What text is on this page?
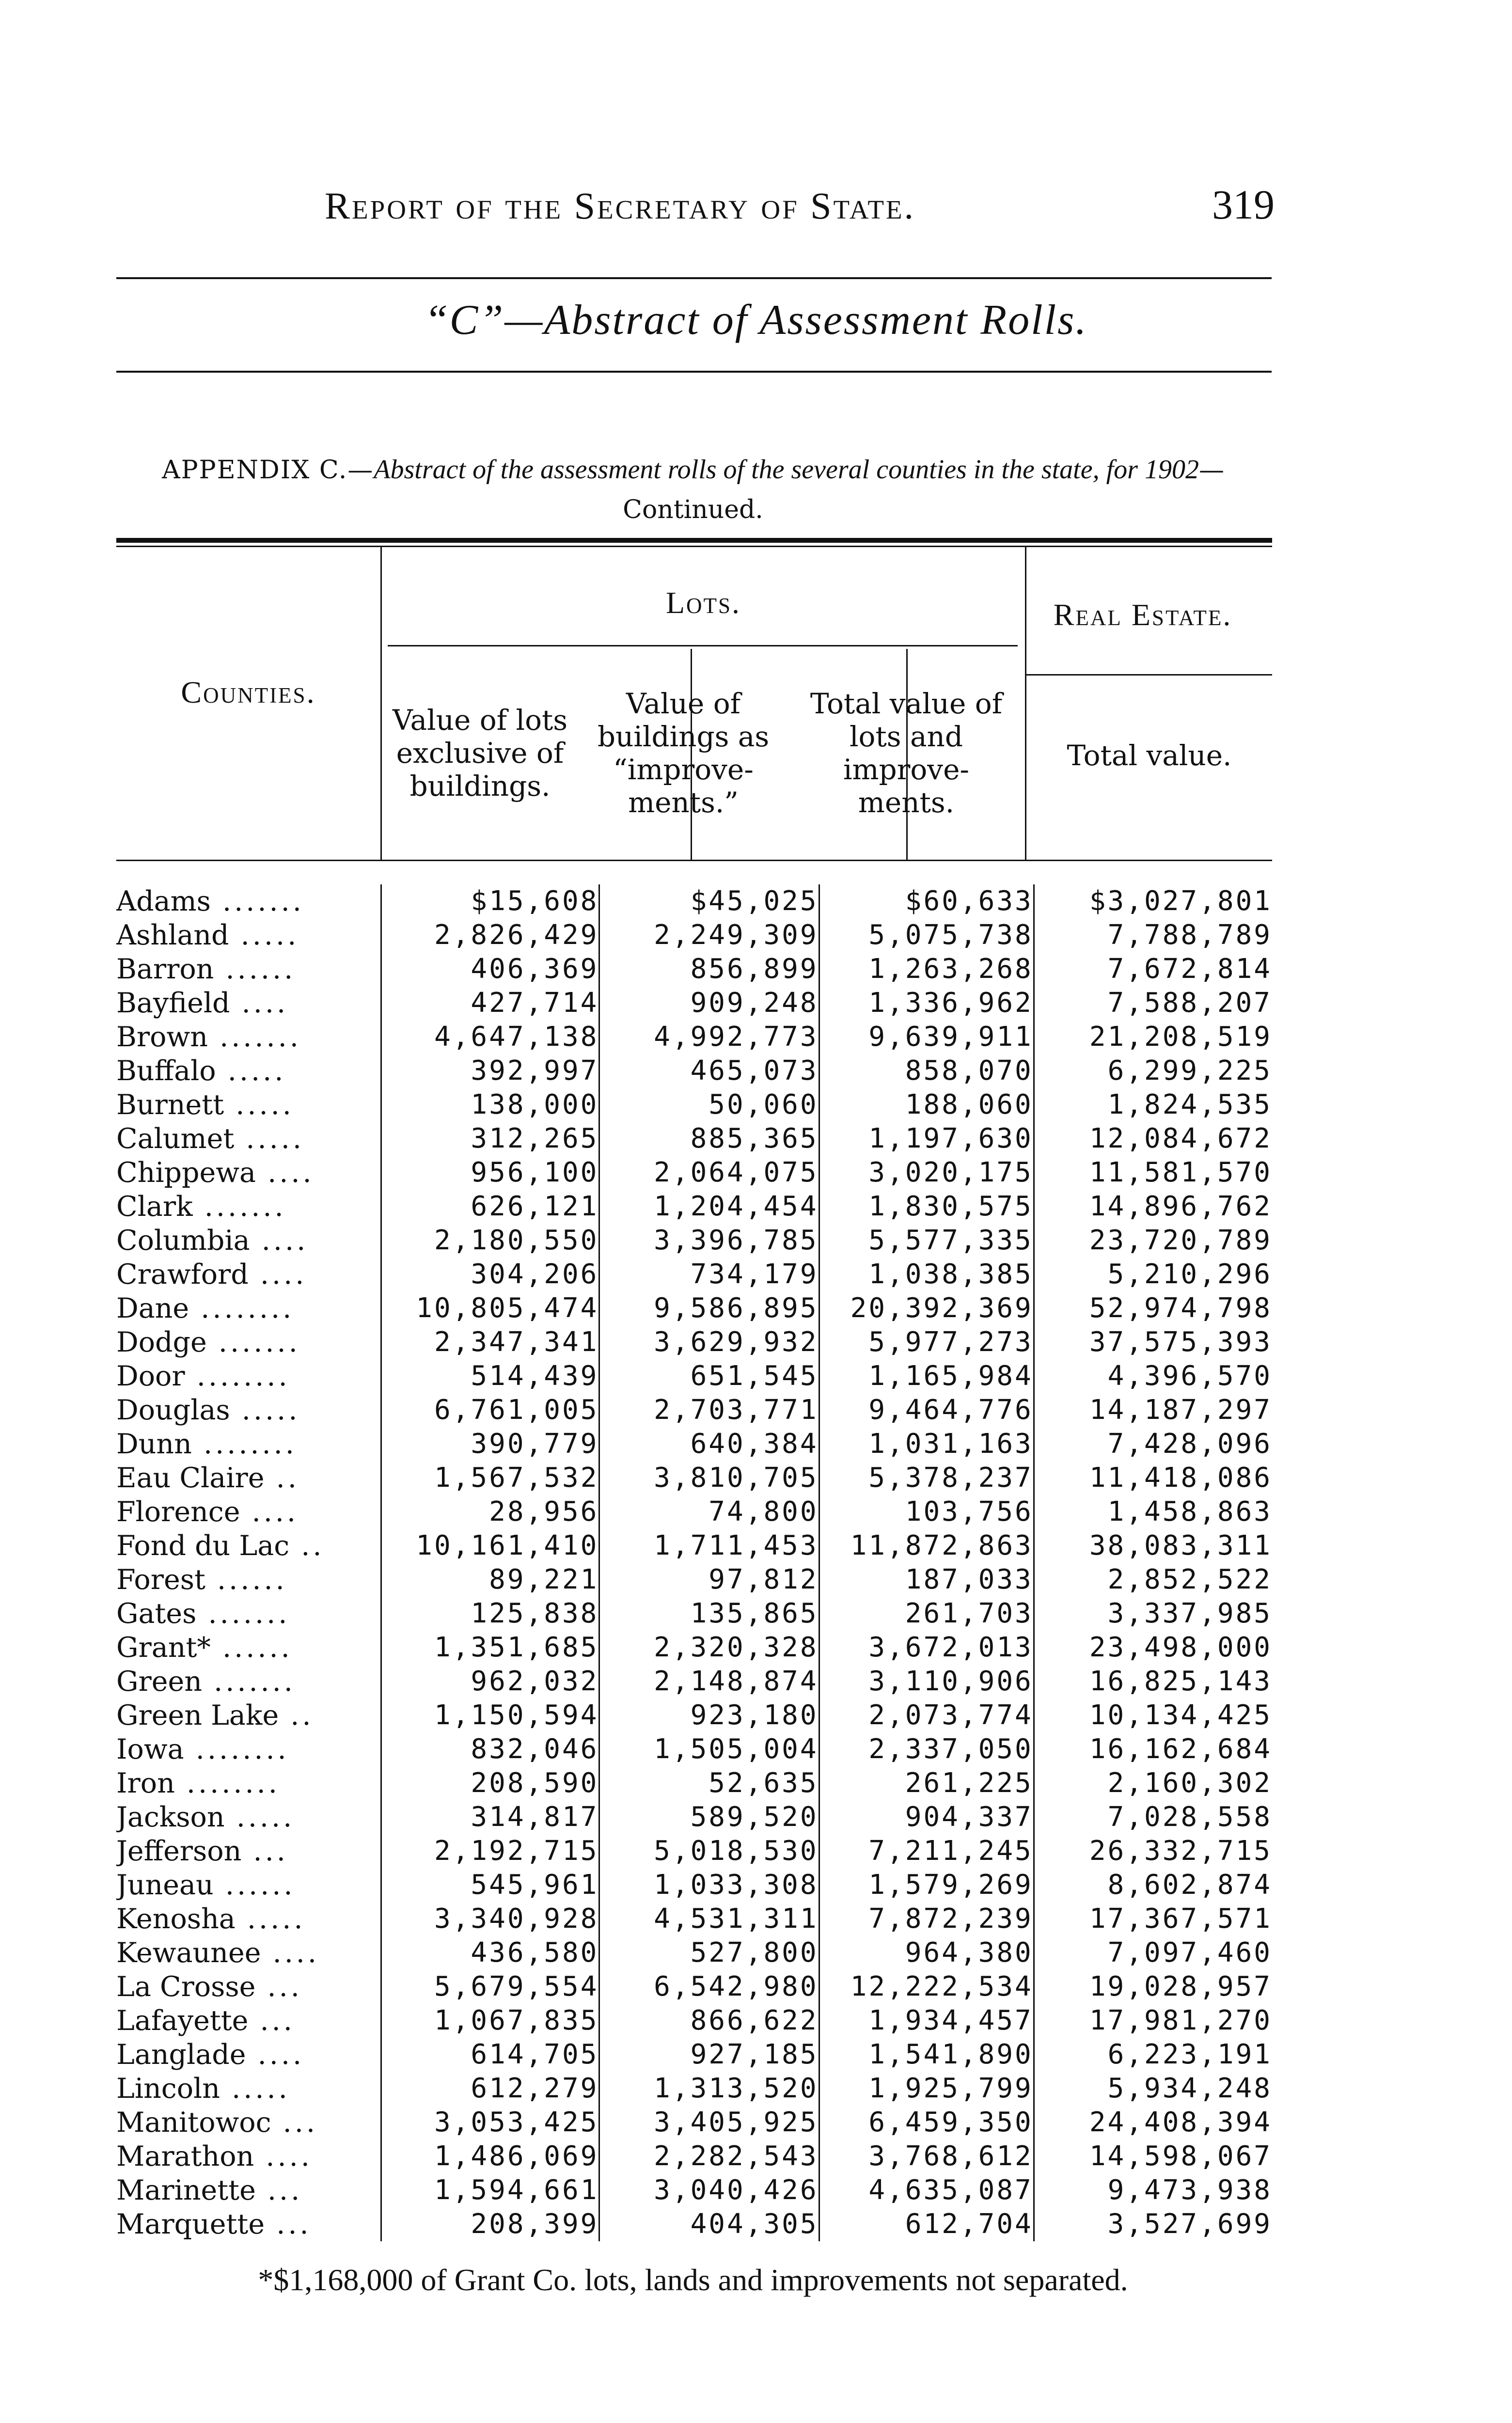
Report of the Secretary of State.	319
“C”—Abstract of Assessment Rolls.
APPENDIX C.—Abstract of the assessment rolls of the several counties in the state, for 1902—Continued.
Counties.
Lots.	Real Estate.
Value of lots exclusive of buildings.
Value of buildings as “improve-ments.”
Total value of lots and improve-ments.
Total value.
Adams .......	$15,608	$45,025	$60,633	$3,027,801
Ashland .....	2,826,429	2,249,309	5,075,738	7,788,789
Barron ......	406,369	856,899	1,263,268	7,672,814
Bayfield ....	427,714	909,248	1,336,962	7,588,207
Brown .......	4,647,138	4,992,773	9,639,911	21,208,519
Buffalo .....	392,997	465,073	858,070	6,299,225
Burnett .....	138,000	50,060	188,060	1,824,535
Calumet .....	312,265	885,365	1,197,630	12,084,672
Chippewa ....	956,100	2,064,075	3,020,175	11,581,570
Clark .......	626,121	1,204,454	1,830,575	14,896,762
Columbia ....	2,180,550	3,396,785	5,577,335	23,720,789
Crawford ....	304,206	734,179	1,038,385	5,210,296
Dane ........	10,805,474	9,586,895	20,392,369	52,974,798
Dodge .......	2,347,341	3,629,932	5,977,273	37,575,393
Door ........	514,439	651,545	1,165,984	4,396,570
Douglas .....	6,761,005	2,703,771	9,464,776	14,187,297
Dunn ........	390,779	640,384	1,031,163	7,428,096
Eau Claire ..	1,567,532	3,810,705	5,378,237	11,418,086
Florence ....	28,956	74,800	103,756	1,458,863
Fond du Lac ..	10,161,410	1,711,453	11,872,863	38,083,311
Forest ......	89,221	97,812	187,033	2,852,522
Gates .......	125,838	135,865	261,703	3,337,985
Grant* ......	1,351,685	2,320,328	3,672,013	23,498,000
Green .......	962,032	2,148,874	3,110,906	16,825,143
Green Lake ..	1,150,594	923,180	2,073,774	10,134,425
Iowa ........	832,046	1,505,004	2,337,050	16,162,684
Iron ........	208,590	52,635	261,225	2,160,302
Jackson .....	314,817	589,520	904,337	7,028,558
Jefferson ...	2,192,715	5,018,530	7,211,245	26,332,715
Juneau ......	545,961	1,033,308	1,579,269	8,602,874
Kenosha .....	3,340,928	4,531,311	7,872,239	17,367,571
Kewaunee ....	436,580	527,800	964,380	7,097,460
La Crosse ...	5,679,554	6,542,980	12,222,534	19,028,957
Lafayette ...	1,067,835	866,622	1,934,457	17,981,270
Langlade ....	614,705	927,185	1,541,890	6,223,191
Lincoln .....	612,279	1,313,520	1,925,799	5,934,248
Manitowoc ...	3,053,425	3,405,925	6,459,350	24,408,394
Marathon ....	1,486,069	2,282,543	3,768,612	14,598,067
Marinette ...	1,594,661	3,040,426	4,635,087	9,473,938
Marquette ...	208,399	404,305	612,704	3,527,699
*$1,168,000 of Grant Co. lots, lands and improvements not separated.
